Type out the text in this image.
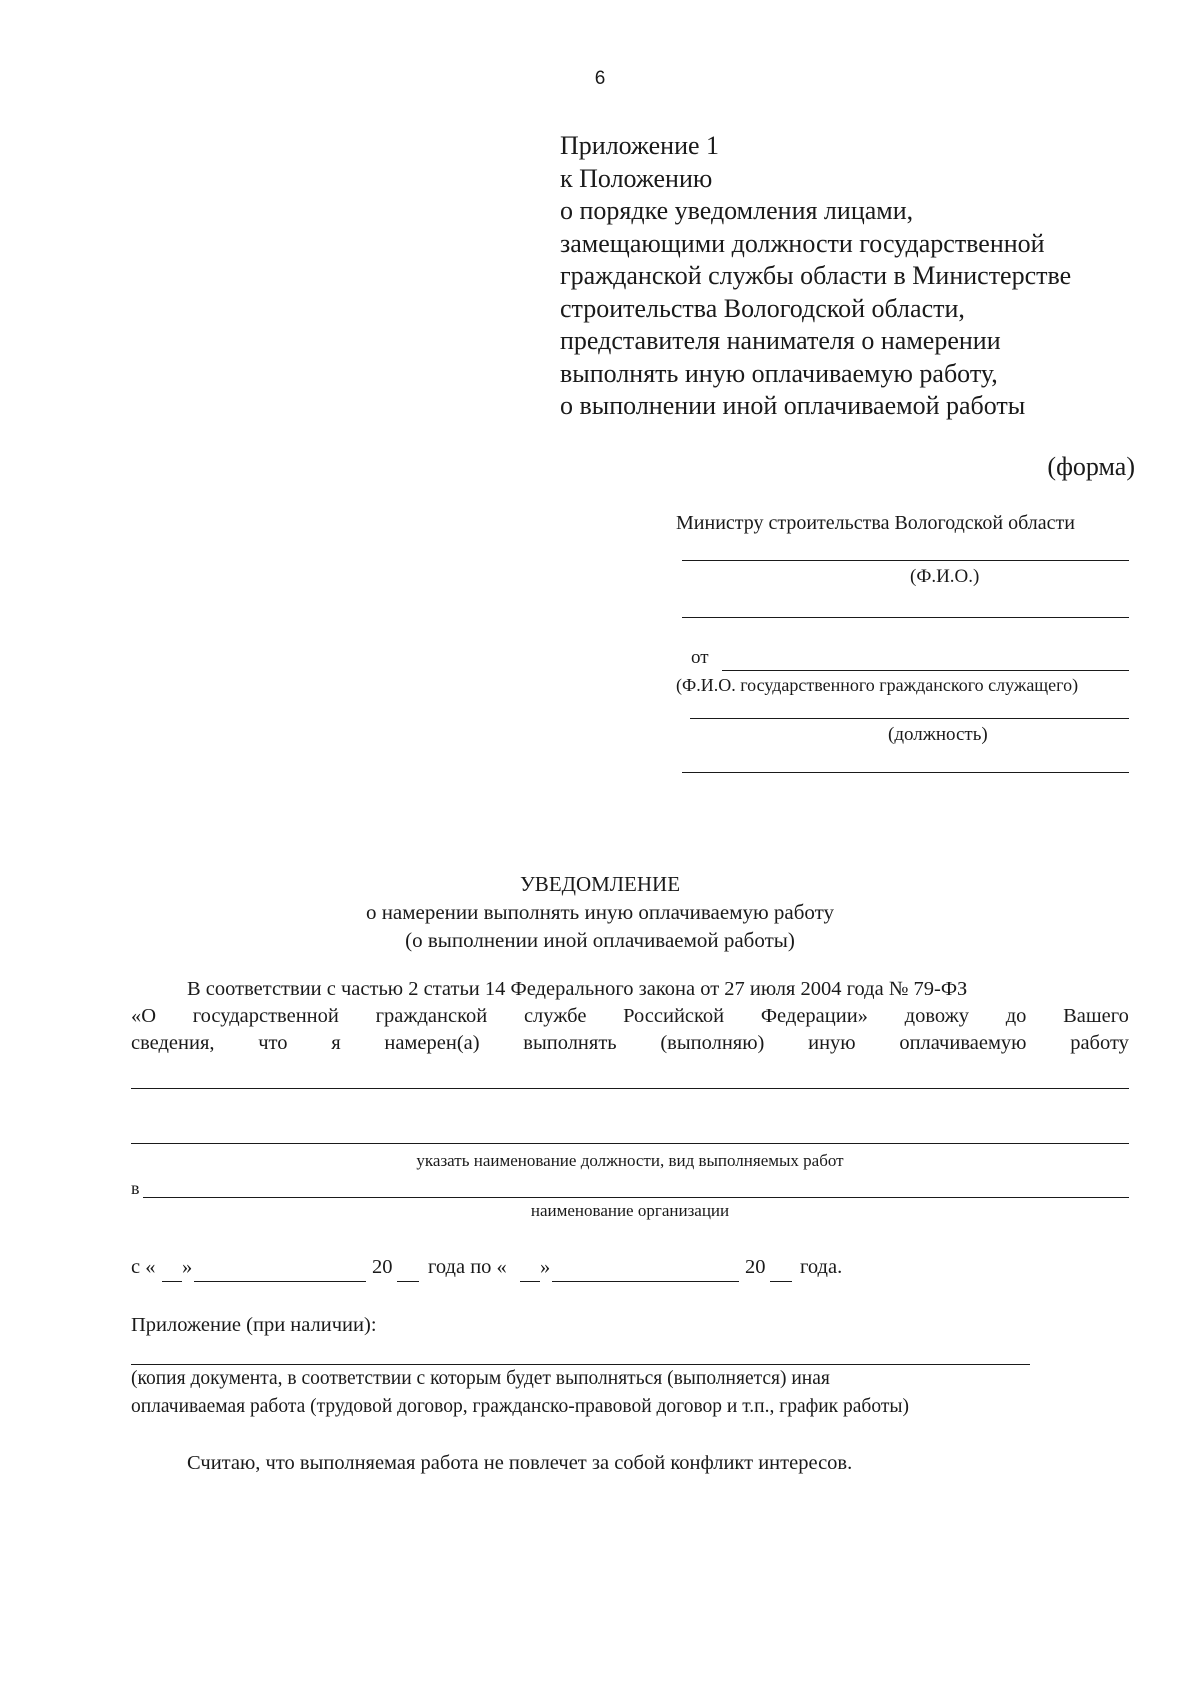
6
Приложение 1
к Положению
о порядке уведомления лицами,
замещающими должности государственной
гражданской службы области в Министерстве
строительства Вологодской области,
представителя нанимателя о намерении
выполнять иную оплачиваемую работу,
о выполнении иной оплачиваемой работы
(форма)
Министру строительства Вологодской области
(Ф.И.О.)
от
(Ф.И.О. государственного гражданского служащего)
(должность)
УВЕДОМЛЕНИЕ
о намерении выполнять иную оплачиваемую работу
(о выполнении иной оплачиваемой работы)
В соответствии с частью 2 статьи 14 Федерального закона от 27 июля 2004 года № 79-ФЗ
«О государственной гражданской службе Российской Федерации» довожу до Вашего
сведения, что я намерен(а) выполнять (выполняю) иную оплачиваемую работу
указать наименование должности, вид выполняемых работ
в
наименование организации
с « »	20 года по « »	20 года.
Приложение (при наличии):
(копия документа, в соответствии с которым будет выполняться (выполняется) иная
оплачиваемая работа (трудовой договор, гражданско-правовой договор и т.п., график работы)
Считаю, что выполняемая работа не повлечет за собой конфликт интересов.
